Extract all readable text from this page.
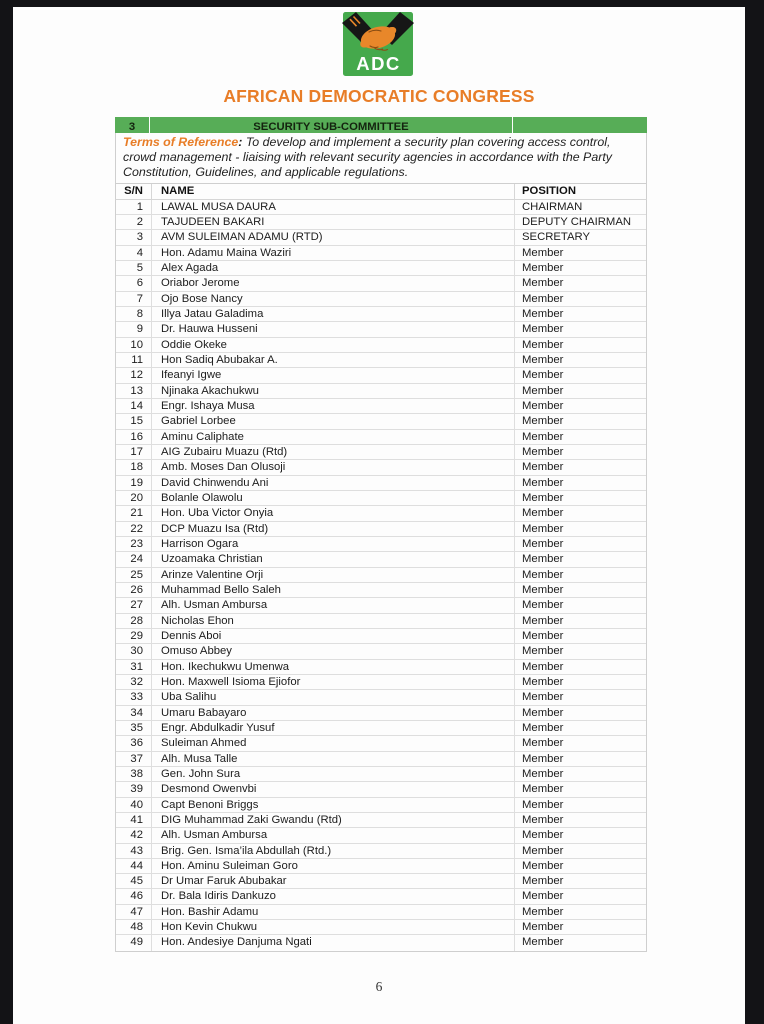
ADC
AFRICAN DEMOCRATIC CONGRESS
3	SECURITY SUB-COMMITTEE
Terms of Reference: To develop and implement a security plan covering access control, crowd management - liaising with relevant security agencies in accordance with the Party Constitution, Guidelines, and applicable regulations.
S/N	NAME	POSITION
1	LAWAL MUSA DAURA	CHAIRMAN
2	TAJUDEEN BAKARI	DEPUTY CHAIRMAN
3	AVM SULEIMAN ADAMU (RTD)	SECRETARY
4	Hon. Adamu Maina Waziri	Member
5	Alex Agada	Member
6	Oriabor Jerome	Member
7	Ojo Bose Nancy	Member
8	Illya Jatau Galadima	Member
9	Dr. Hauwa Husseni	Member
10	Oddie Okeke	Member
11	Hon Sadiq Abubakar A.	Member
12	Ifeanyi Igwe	Member
13	Njinaka Akachukwu	Member
14	Engr. Ishaya Musa	Member
15	Gabriel Lorbee	Member
16	Aminu Caliphate	Member
17	AIG Zubairu Muazu (Rtd)	Member
18	Amb. Moses Dan Olusoji	Member
19	David Chinwendu Ani	Member
20	Bolanle Olawolu	Member
21	Hon. Uba Victor Onyia	Member
22	DCP Muazu Isa (Rtd)	Member
23	Harrison Ogara	Member
24	Uzoamaka Christian	Member
25	Arinze Valentine Orji	Member
26	Muhammad Bello Saleh	Member
27	Alh. Usman Ambursa	Member
28	Nicholas Ehon	Member
29	Dennis Aboi	Member
30	Omuso Abbey	Member
31	Hon. Ikechukwu Umenwa	Member
32	Hon. Maxwell Isioma Ejiofor	Member
33	Uba Salihu	Member
34	Umaru Babayaro	Member
35	Engr. Abdulkadir Yusuf	Member
36	Suleiman Ahmed	Member
37	Alh. Musa Talle	Member
38	Gen. John Sura	Member
39	Desmond Owenvbi	Member
40	Capt Benoni Briggs	Member
41	DIG Muhammad Zaki Gwandu (Rtd)	Member
42	Alh. Usman Ambursa	Member
43	Brig. Gen. Isma’ila Abdullah (Rtd.)	Member
44	Hon. Aminu Suleiman Goro	Member
45	Dr Umar Faruk Abubakar	Member
46	Dr. Bala Idiris Dankuzo	Member
47	Hon. Bashir Adamu	Member
48	Hon Kevin Chukwu	Member
49	Hon. Andesiye Danjuma Ngati	Member
6
